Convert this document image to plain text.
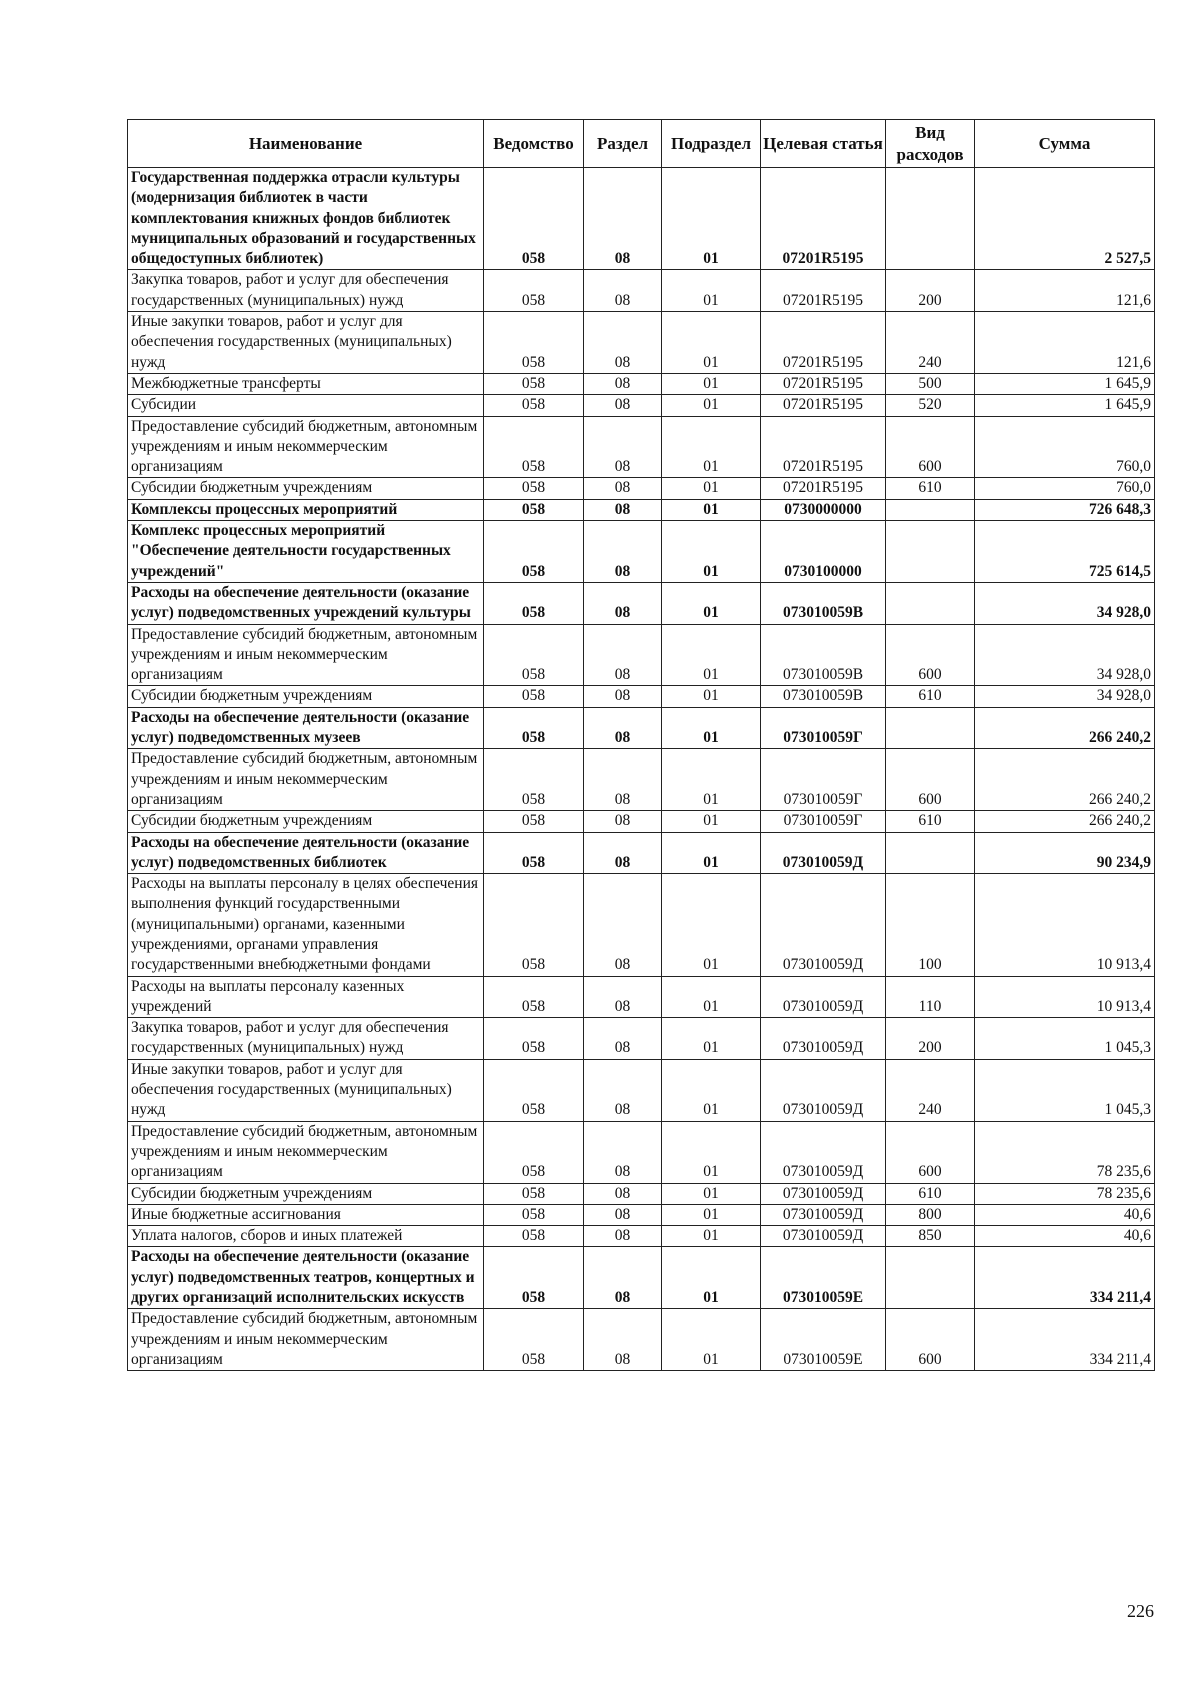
Наименование	Ведомство	Раздел	Подраздел	Целевая статья	Вид расходов	Сумма
Государственная поддержка отрасли культуры (модернизация библиотек в части комплектования книжных фондов библиотек муниципальных образований и государственных общедоступных библиотек)	058	08	01	07201R5195		2 527,5
Закупка товаров, работ и услуг для обеспечения государственных (муниципальных) нужд	058	08	01	07201R5195	200	121,6
Иные закупки товаров, работ и услуг для обеспечения государственных (муниципальных) нужд	058	08	01	07201R5195	240	121,6
Межбюджетные трансферты	058	08	01	07201R5195	500	1 645,9
Субсидии	058	08	01	07201R5195	520	1 645,9
Предоставление субсидий бюджетным, автономным учреждениям и иным некоммерческим организациям	058	08	01	07201R5195	600	760,0
Субсидии бюджетным учреждениям	058	08	01	07201R5195	610	760,0
Комплексы процессных мероприятий	058	08	01	0730000000		726 648,3
Комплекс процессных мероприятий "Обеспечение деятельности государственных учреждений"	058	08	01	0730100000		725 614,5
Расходы на обеспечение деятельности (оказание услуг) подведомственных учреждений культуры	058	08	01	073010059В		34 928,0
Предоставление субсидий бюджетным, автономным учреждениям и иным некоммерческим организациям	058	08	01	073010059В	600	34 928,0
Субсидии бюджетным учреждениям	058	08	01	073010059В	610	34 928,0
Расходы на обеспечение деятельности (оказание услуг) подведомственных музеев	058	08	01	073010059Г		266 240,2
Предоставление субсидий бюджетным, автономным учреждениям и иным некоммерческим организациям	058	08	01	073010059Г	600	266 240,2
Субсидии бюджетным учреждениям	058	08	01	073010059Г	610	266 240,2
Расходы на обеспечение деятельности (оказание услуг) подведомственных библиотек	058	08	01	073010059Д		90 234,9
Расходы на выплаты персоналу в целях обеспечения выполнения функций государственными (муниципальными) органами, казенными учреждениями, органами управления государственными внебюджетными фондами	058	08	01	073010059Д	100	10 913,4
Расходы на выплаты персоналу казенных учреждений	058	08	01	073010059Д	110	10 913,4
Закупка товаров, работ и услуг для обеспечения государственных (муниципальных) нужд	058	08	01	073010059Д	200	1 045,3
Иные закупки товаров, работ и услуг для обеспечения государственных (муниципальных) нужд	058	08	01	073010059Д	240	1 045,3
Предоставление субсидий бюджетным, автономным учреждениям и иным некоммерческим организациям	058	08	01	073010059Д	600	78 235,6
Субсидии бюджетным учреждениям	058	08	01	073010059Д	610	78 235,6
Иные бюджетные ассигнования	058	08	01	073010059Д	800	40,6
Уплата налогов, сборов и иных платежей	058	08	01	073010059Д	850	40,6
Расходы на обеспечение деятельности (оказание услуг) подведомственных театров, концертных и других организаций исполнительских искусств	058	08	01	073010059Е		334 211,4
Предоставление субсидий бюджетным, автономным учреждениям и иным некоммерческим организациям	058	08	01	073010059Е	600	334 211,4
226
